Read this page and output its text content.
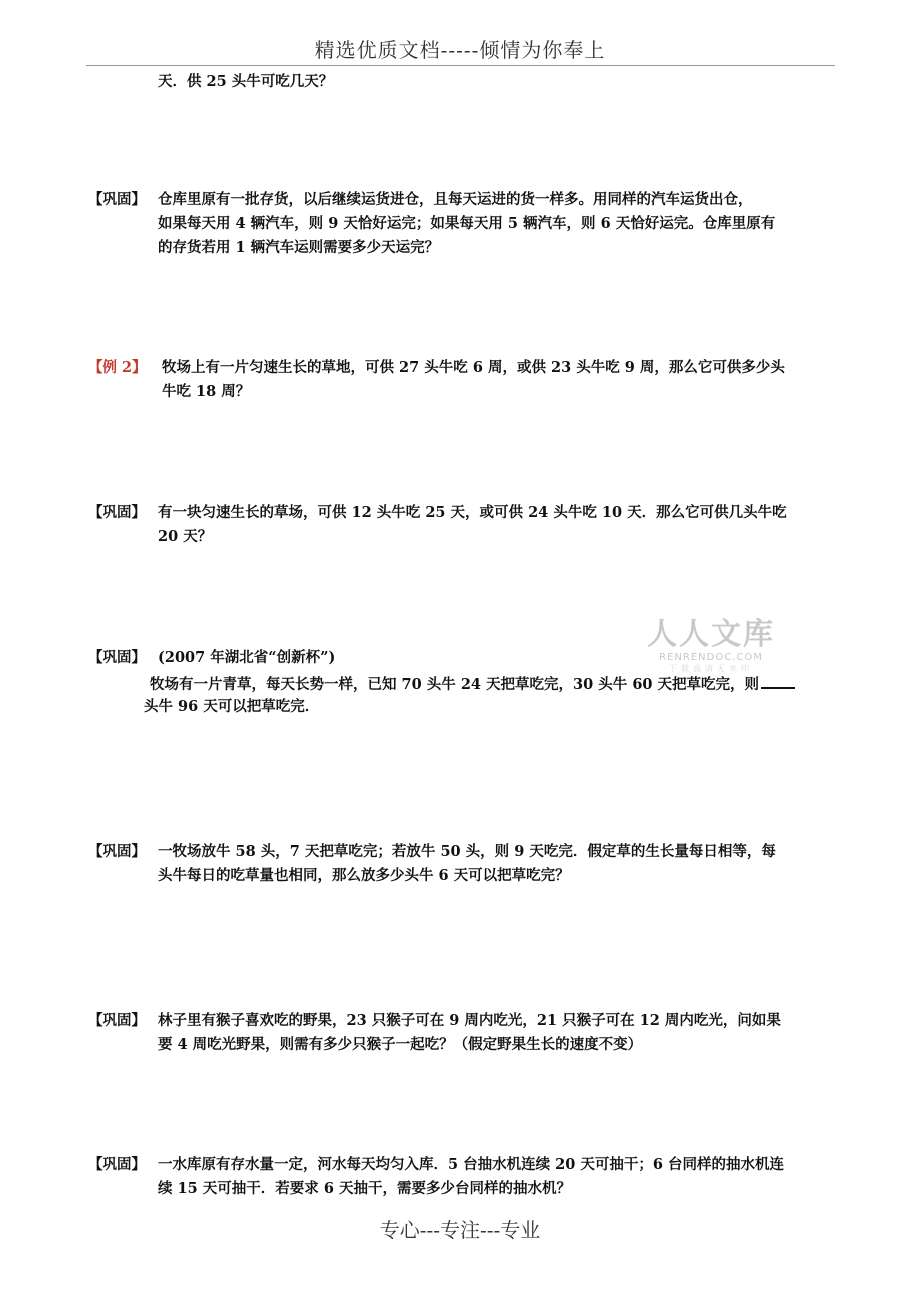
精选优质文档-----倾情为你奉上
天．供 25 头牛可吃几天？
【巩固】 仓库里原有一批存货，以后继续运货进仓，且每天运进的货一样多。用同样的汽车运货出仓，
如果每天用 4 辆汽车，则 9 天恰好运完；如果每天用 5 辆汽车，则 6 天恰好运完。仓库里原有
的存货若用 1 辆汽车运则需要多少天运完？
【例 2】 牧场上有一片匀速生长的草地，可供 27 头牛吃 6 周，或供 23 头牛吃 9 周，那么它可供多少头
牛吃 18 周？
【巩固】 有一块匀速生长的草场，可供 12 头牛吃 25 天，或可供 24 头牛吃 10 天．那么它可供几头牛吃
20 天？
人人文库
RENRENDOC.COM
下载高清无水印
【巩固】 (2007 年湖北省“创新杯”)
牧场有一片青草，每天长势一样，已知 70 头牛 24 天把草吃完，30 头牛 60 天把草吃完，则
头牛 96 天可以把草吃完．
【巩固】 一牧场放牛 58 头，7 天把草吃完；若放牛 50 头，则 9 天吃完．假定草的生长量每日相等，每
头牛每日的吃草量也相同，那么放多少头牛 6 天可以把草吃完？
【巩固】 林子里有猴子喜欢吃的野果，23 只猴子可在 9 周内吃光，21 只猴子可在 12 周内吃光，问如果
要 4 周吃光野果，则需有多少只猴子一起吃？（假定野果生长的速度不变）
【巩固】 一水库原有存水量一定，河水每天均匀入库．5 台抽水机连续 20 天可抽干；6 台同样的抽水机连
续 15 天可抽干．若要求 6 天抽干，需要多少台同样的抽水机？
专心---专注---专业
